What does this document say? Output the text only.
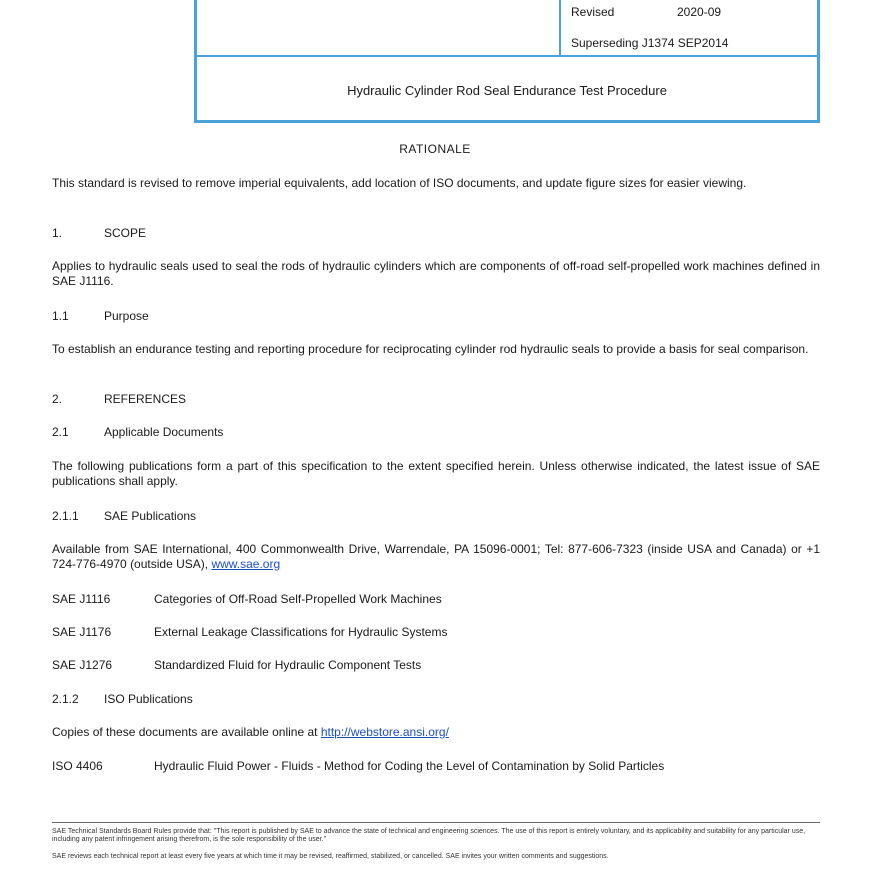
Revised	2020-09
Superseding J1374 SEP2014
Hydraulic Cylinder Rod Seal Endurance Test Procedure
RATIONALE
This standard is revised to remove imperial equivalents, add location of ISO documents, and update figure sizes for easier viewing.
1.	SCOPE
Applies to hydraulic seals used to seal the rods of hydraulic cylinders which are components of off-road self-propelled work machines defined in SAE J1116.
1.1	Purpose
To establish an endurance testing and reporting procedure for reciprocating cylinder rod hydraulic seals to provide a basis for seal comparison.
2.	REFERENCES
2.1	Applicable Documents
The following publications form a part of this specification to the extent specified herein. Unless otherwise indicated, the latest issue of SAE publications shall apply.
2.1.1 SAE Publications
Available from SAE International, 400 Commonwealth Drive, Warrendale, PA 15096-0001; Tel: 877-606-7323 (inside USA and Canada) or +1 724-776-4970 (outside USA), www.sae.org
SAE J1116	Categories of Off-Road Self-Propelled Work Machines
SAE J1176	External Leakage Classifications for Hydraulic Systems
SAE J1276	Standardized Fluid for Hydraulic Component Tests
2.1.2 ISO Publications
Copies of these documents are available online at http://webstore.ansi.org/
ISO 4406	Hydraulic Fluid Power - Fluids - Method for Coding the Level of Contamination by Solid Particles
SAE Technical Standards Board Rules provide that: "This report is published by SAE to advance the state of technical and engineering sciences. The use of this report is entirely voluntary, and its applicability and suitability for any particular use, including any patent infringement arising therefrom, is the sole responsibility of the user."
SAE reviews each technical report at least every five years at which time it may be revised, reaffirmed, stabilized, or cancelled. SAE invites your written comments and suggestions.
